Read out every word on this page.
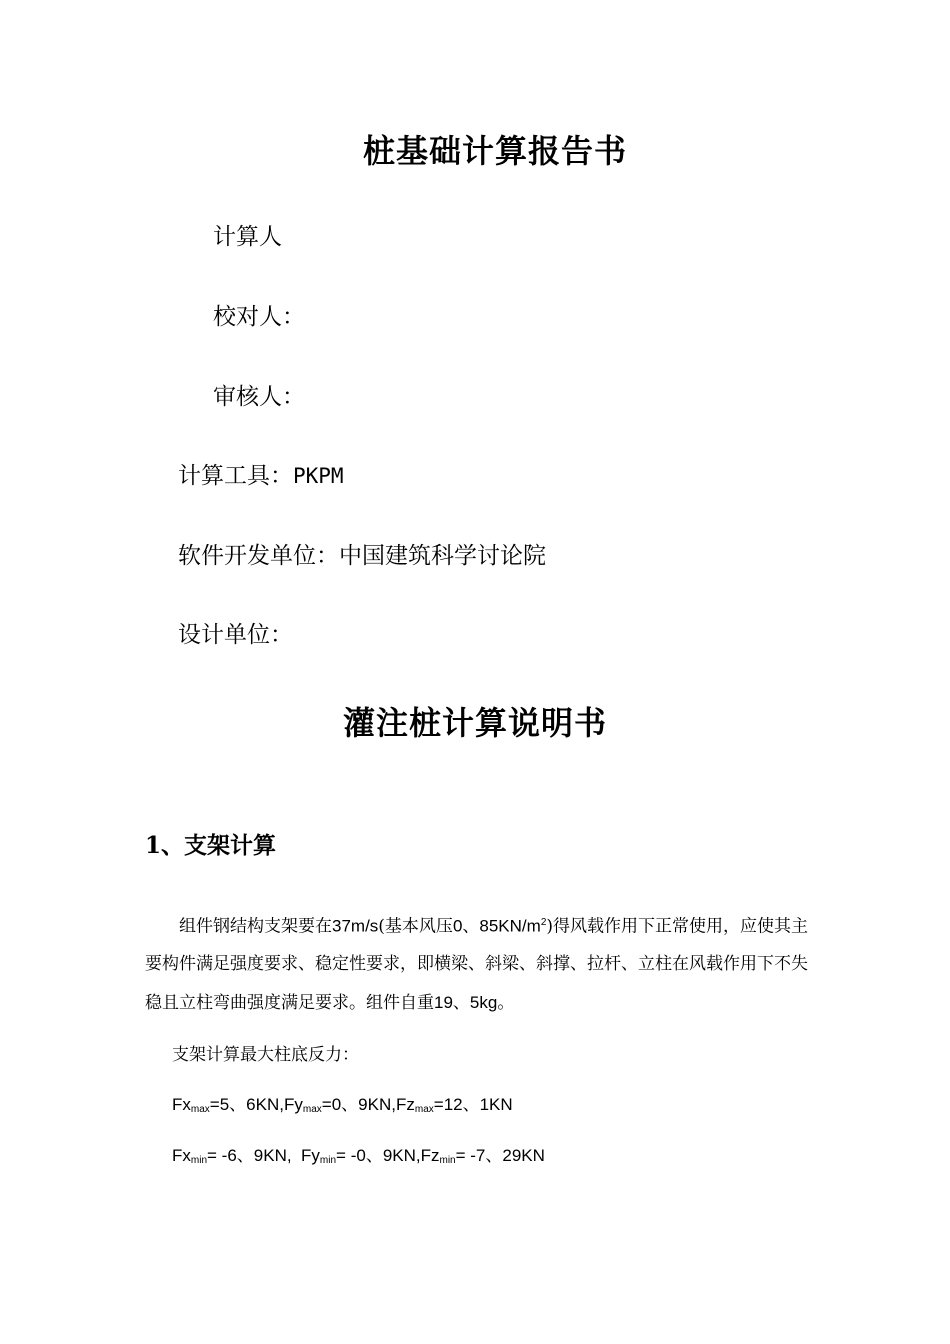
桩基础计算报告书
计算人
校对人：
审核人：
计算工具：PKPM
软件开发单位：中国建筑科学讨论院
设计单位：
灌注桩计算说明书
1、支架计算
组件钢结构支架要在37m/s(基本风压0、$85KN/m^2$)得风载作用下正常使用，应使其主要构件满足强度要求、稳定性要求，即横梁、斜梁、斜撑、拉杆、立柱在风载作用下不失稳且立柱弯曲强度满足要求。组件自重19、5kg。
支架计算最大柱底反力：
$Fx_{max}=5$、$6KN,Fy_{max}=0$、$9KN,Fz_{max}=12$、1KN
$Fx_{min}= -6$、9KN,  $Fy_{min}= -0$、$9KN,Fz_{min}= -7$、29KN
